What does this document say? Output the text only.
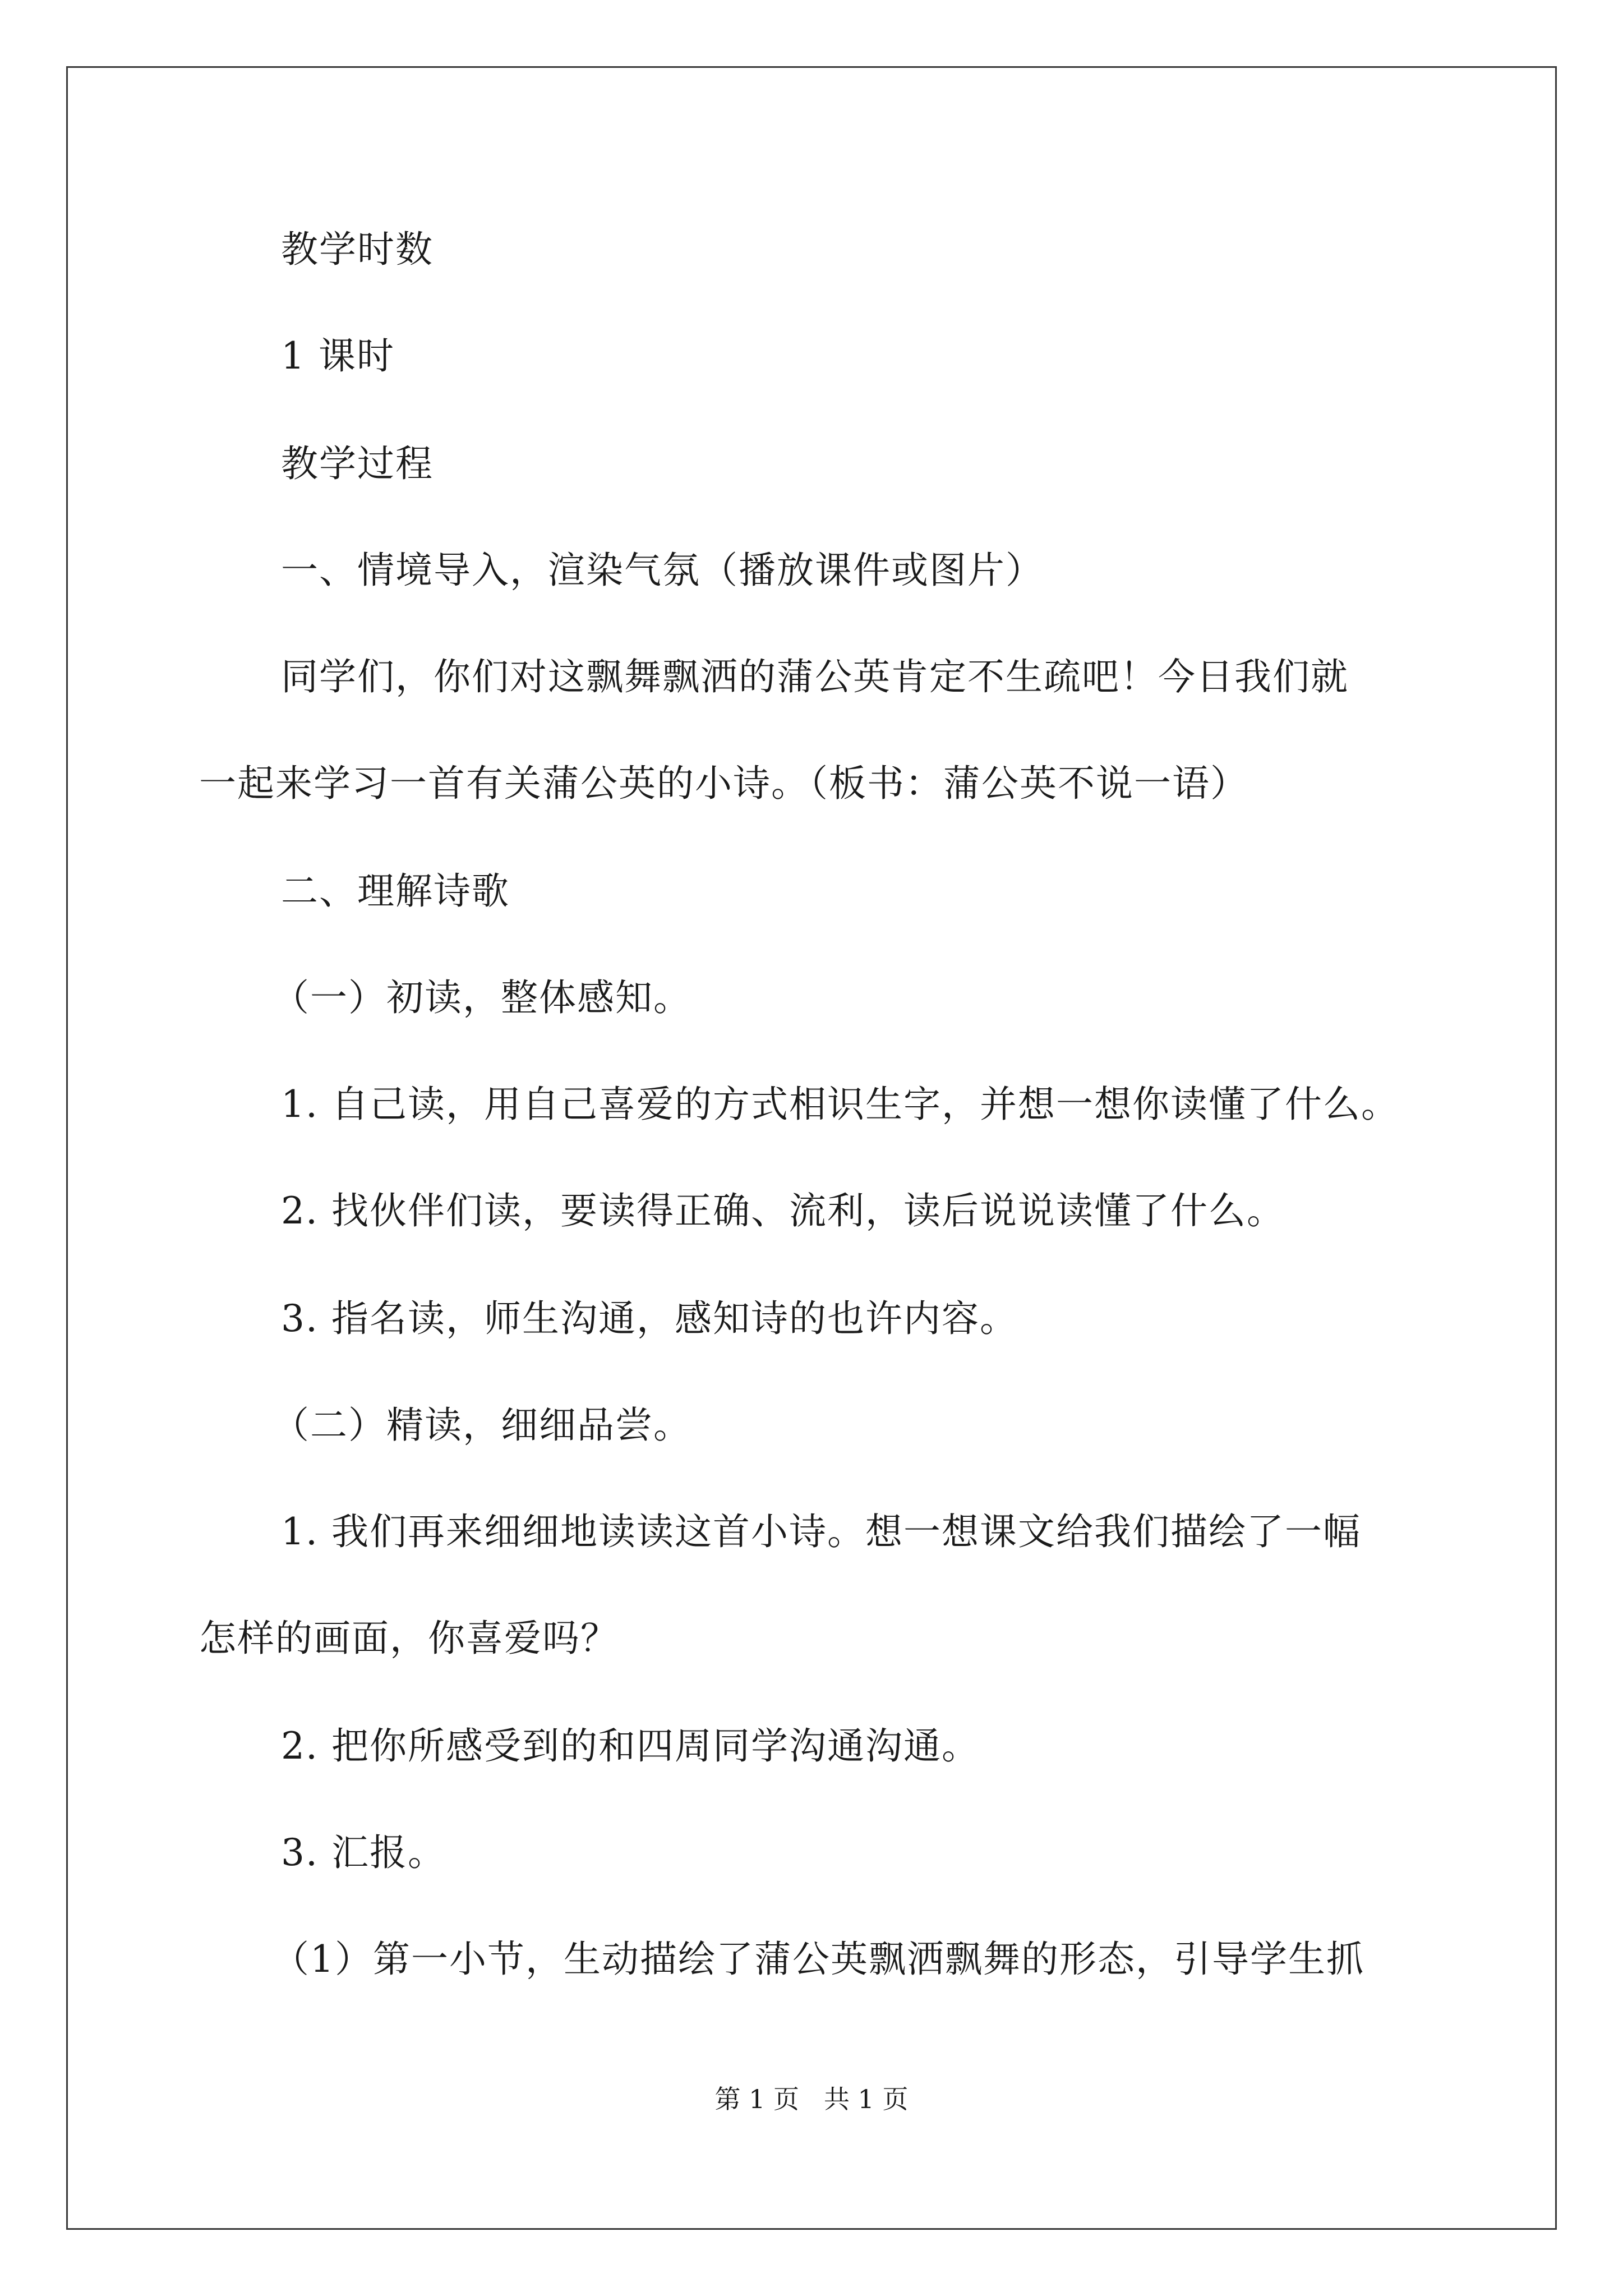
教学时数
1 课时
教学过程
一、情境导入，渲染气氛（播放课件或图片）
同学们，你们对这飘舞飘洒的蒲公英肯定不生疏吧！今日我们就
一起来学习一首有关蒲公英的小诗。（板书：蒲公英不说一语）
二、理解诗歌
（一）初读，整体感知。
1. 自己读，用自己喜爱的方式相识生字，并想一想你读懂了什么。
2. 找伙伴们读，要读得正确、流利，读后说说读懂了什么。
3. 指名读，师生沟通，感知诗的也许内容。
（二）精读，细细品尝。
1. 我们再来细细地读读这首小诗。想一想课文给我们描绘了一幅
怎样的画面，你喜爱吗？
2. 把你所感受到的和四周同学沟通沟通。
3. 汇报。
（1）第一小节，生动描绘了蒲公英飘洒飘舞的形态，引导学生抓
第 1 页 共 1 页
